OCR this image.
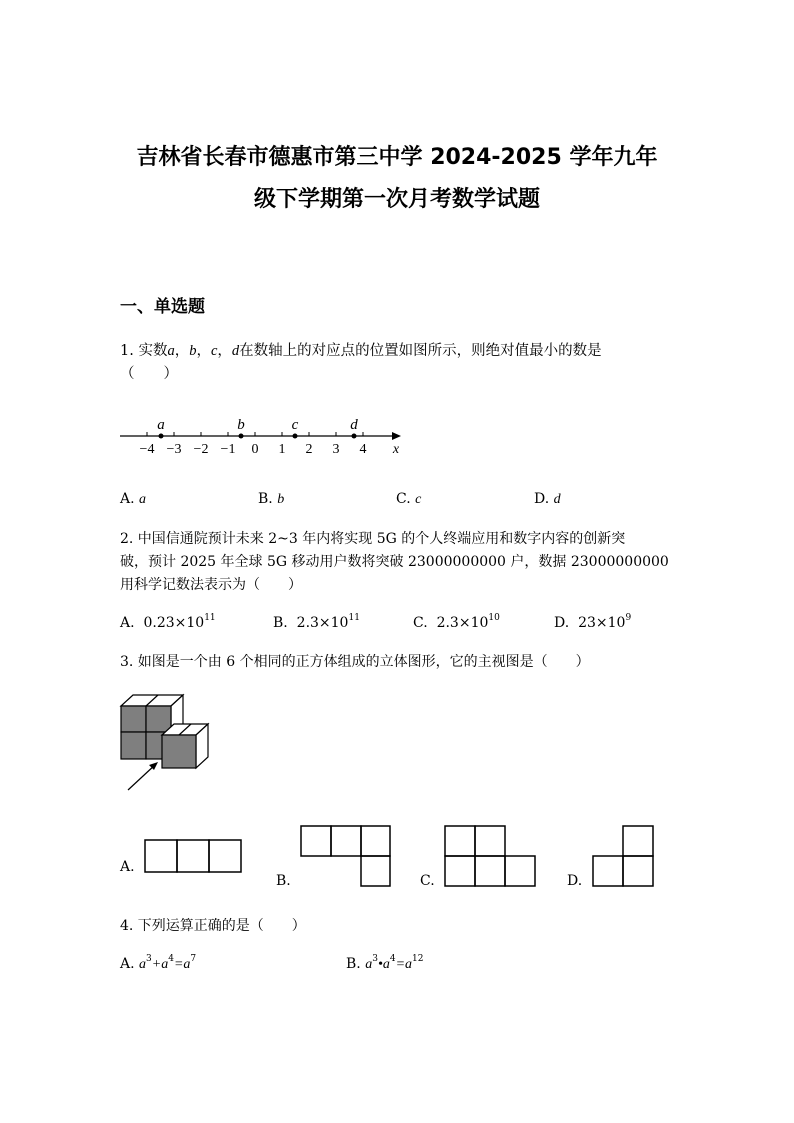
吉林省长春市德惠市第三中学 2024-2025 学年九年
级下学期第一次月考数学试题
一、单选题
1. 实数a，b，c，d在数轴上的对应点的位置如图所示，则绝对值最小的数是
（　　）
−4 −3 −2 −1 0 1 2 3 4 x
a	b	c	d
A. a	B. b	C. c	D. d
2. 中国信通院预计未来 2~3 年内将实现 5G 的个人终端应用和数字内容的创新突
破，预计 2025 年全球 5G 移动用户数将突破 23000000000 户，数据 23000000000
用科学记数法表示为（　　）
A. $0.23\times 10^{11}$	B. $2.3\times 10^{11}$	C. $2.3\times 10^{10}$	D. $23\times 10^9$
3. 如图是一个由 6 个相同的正方体组成的立体图形，它的主视图是（　　）
A.
B.	C.	D.
4. 下列运算正确的是（　　）
A. $a^3+a^4=a^7$	B. $a^3•a^4=a^{12}$
